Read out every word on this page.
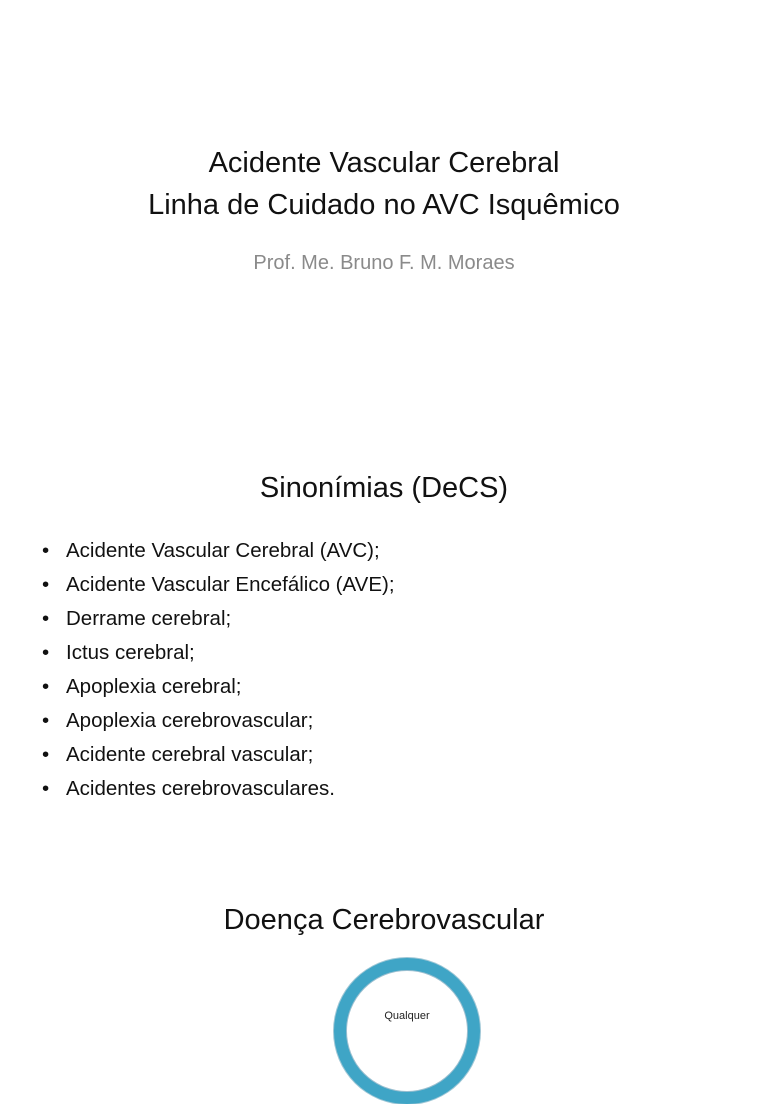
Acidente Vascular Cerebral
Linha de Cuidado no AVC Isquêmico
Prof. Me. Bruno F. M. Moraes
Sinonímias (DeCS)
• Acidente Vascular Cerebral (AVC);
• Acidente Vascular Encefálico (AVE);
• Derrame cerebral;
• Ictus cerebral;
• Apoplexia cerebral;
• Apoplexia cerebrovascular;
• Acidente cerebral vascular;
• Acidentes cerebrovasculares.
Doença Cerebrovascular
Qualquer
